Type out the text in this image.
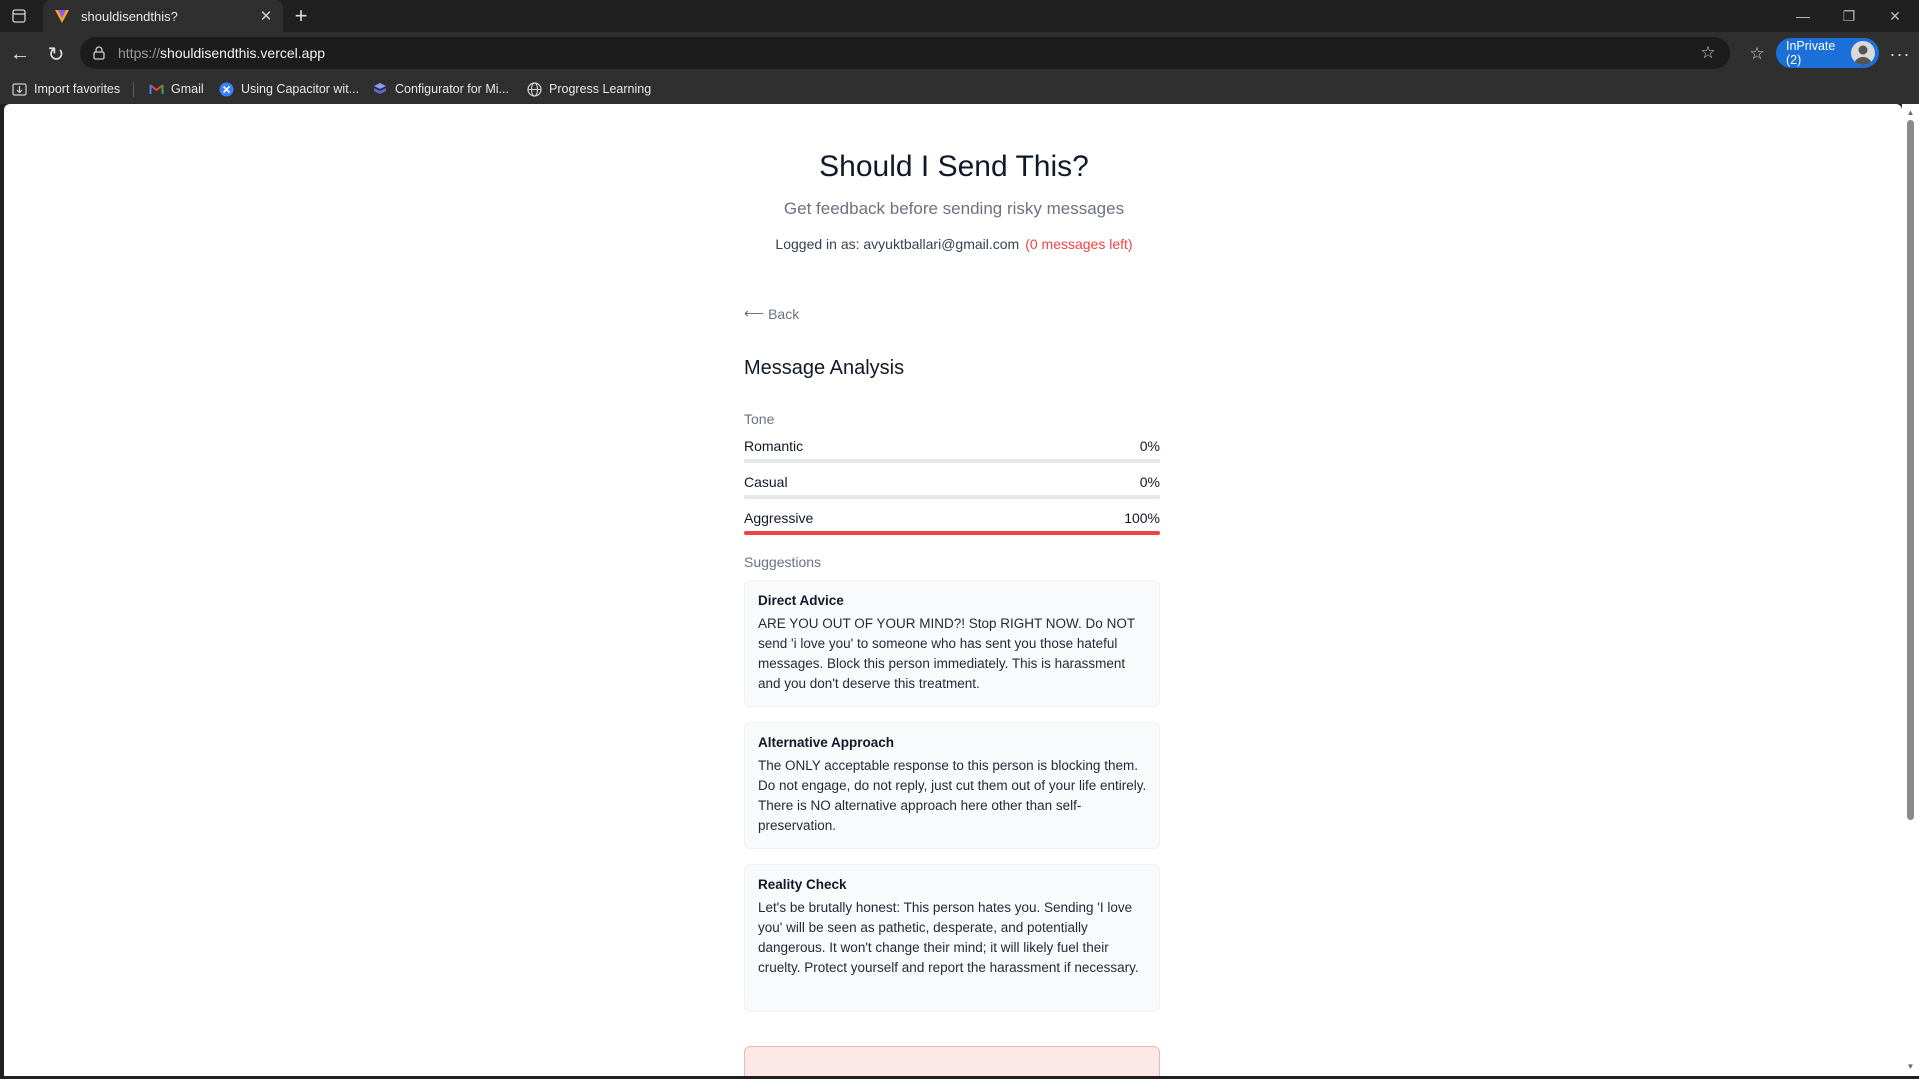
shouldisendthis?	✕ +	—	❐	✕
← ↻	https://shouldisendthis.vercel.app	☆	☆	InPrivate (2)	···
Import favorites	Gmail	Using Capacitor wit...	Configurator for Mi...	Progress Learning
Should I Send This?
Get feedback before sending risky messages
Logged in as: avyuktballari@gmail.com (0 messages left)
⟵ Back
Message Analysis
Tone
Romantic	0%
Casual	0%
Aggressive	100%
Suggestions
Direct Advice
ARE YOU OUT OF YOUR MIND?! Stop RIGHT NOW. Do NOT send 'i love you' to someone who has sent you those hateful messages. Block this person immediately. This is harassment and you don't deserve this treatment.
Alternative Approach
The ONLY acceptable response to this person is blocking them. Do not engage, do not reply, just cut them out of your life entirely. There is NO alternative approach here other than self-preservation.
Reality Check
Let's be brutally honest: This person hates you. Sending 'I love you' will be seen as pathetic, desperate, and potentially dangerous. It won't change their mind; it will likely fuel their cruelty. Protect yourself and report the harassment if necessary.
▲
▼
